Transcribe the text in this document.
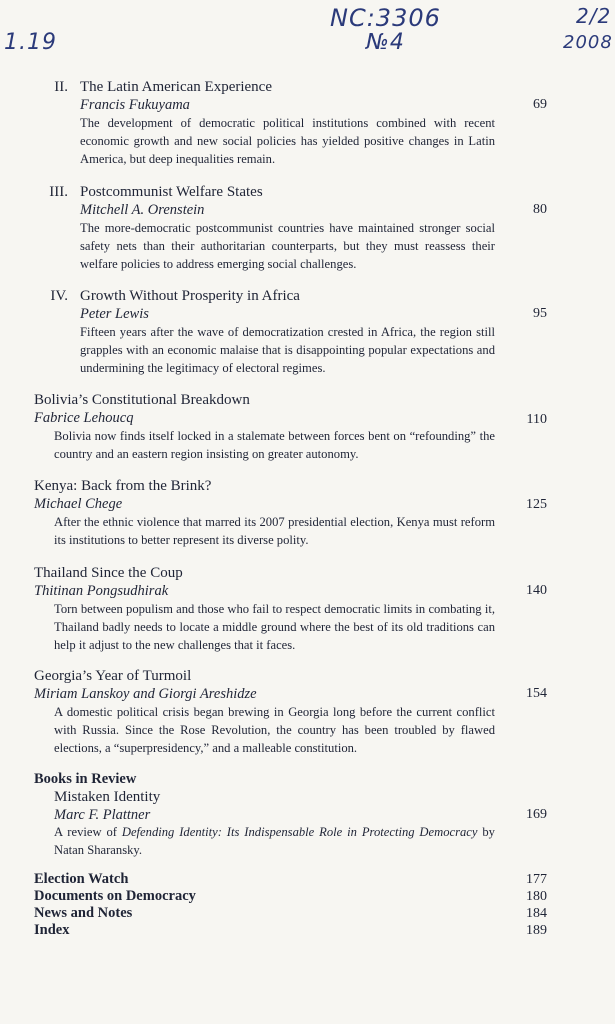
1.19
NC:3306
№4
2/2
2008
II. The Latin American Experience
Francis Fukuyama	69
The development of democratic political institutions combined with recent economic growth and new social policies has yielded positive changes in Latin America, but deep inequalities remain.
III. Postcommunist Welfare States
Mitchell A. Orenstein	80
The more-democratic postcommunist countries have maintained stronger social safety nets than their authoritarian counterparts, but they must reassess their welfare policies to address emerging social challenges.
IV. Growth Without Prosperity in Africa
Peter Lewis	95
Fifteen years after the wave of democratization crested in Africa, the region still grapples with an economic malaise that is disappointing popular expectations and undermining the legitimacy of electoral regimes.
Bolivia’s Constitutional Breakdown
Fabrice Lehoucq	110
Bolivia now finds itself locked in a stalemate between forces bent on “refounding” the country and an eastern region insisting on greater autonomy.
Kenya: Back from the Brink?
Michael Chege	125
After the ethnic violence that marred its 2007 presidential election, Kenya must reform its institutions to better represent its diverse polity.
Thailand Since the Coup
Thitinan Pongsudhirak	140
Torn between populism and those who fail to respect democratic limits in combating it, Thailand badly needs to locate a middle ground where the best of its old traditions can help it adjust to the new challenges that it faces.
Georgia’s Year of Turmoil
Miriam Lanskoy and Giorgi Areshidze	154
A domestic political crisis began brewing in Georgia long before the current conflict with Russia. Since the Rose Revolution, the country has been troubled by flawed elections, a “superpresidency,” and a malleable constitution.
Books in Review
Mistaken Identity
Marc F. Plattner	169
A review of Defending Identity: Its Indispensable Role in Protecting Democracy by Natan Sharansky.
Election Watch	177
Documents on Democracy	180
News and Notes	184
Index	189
